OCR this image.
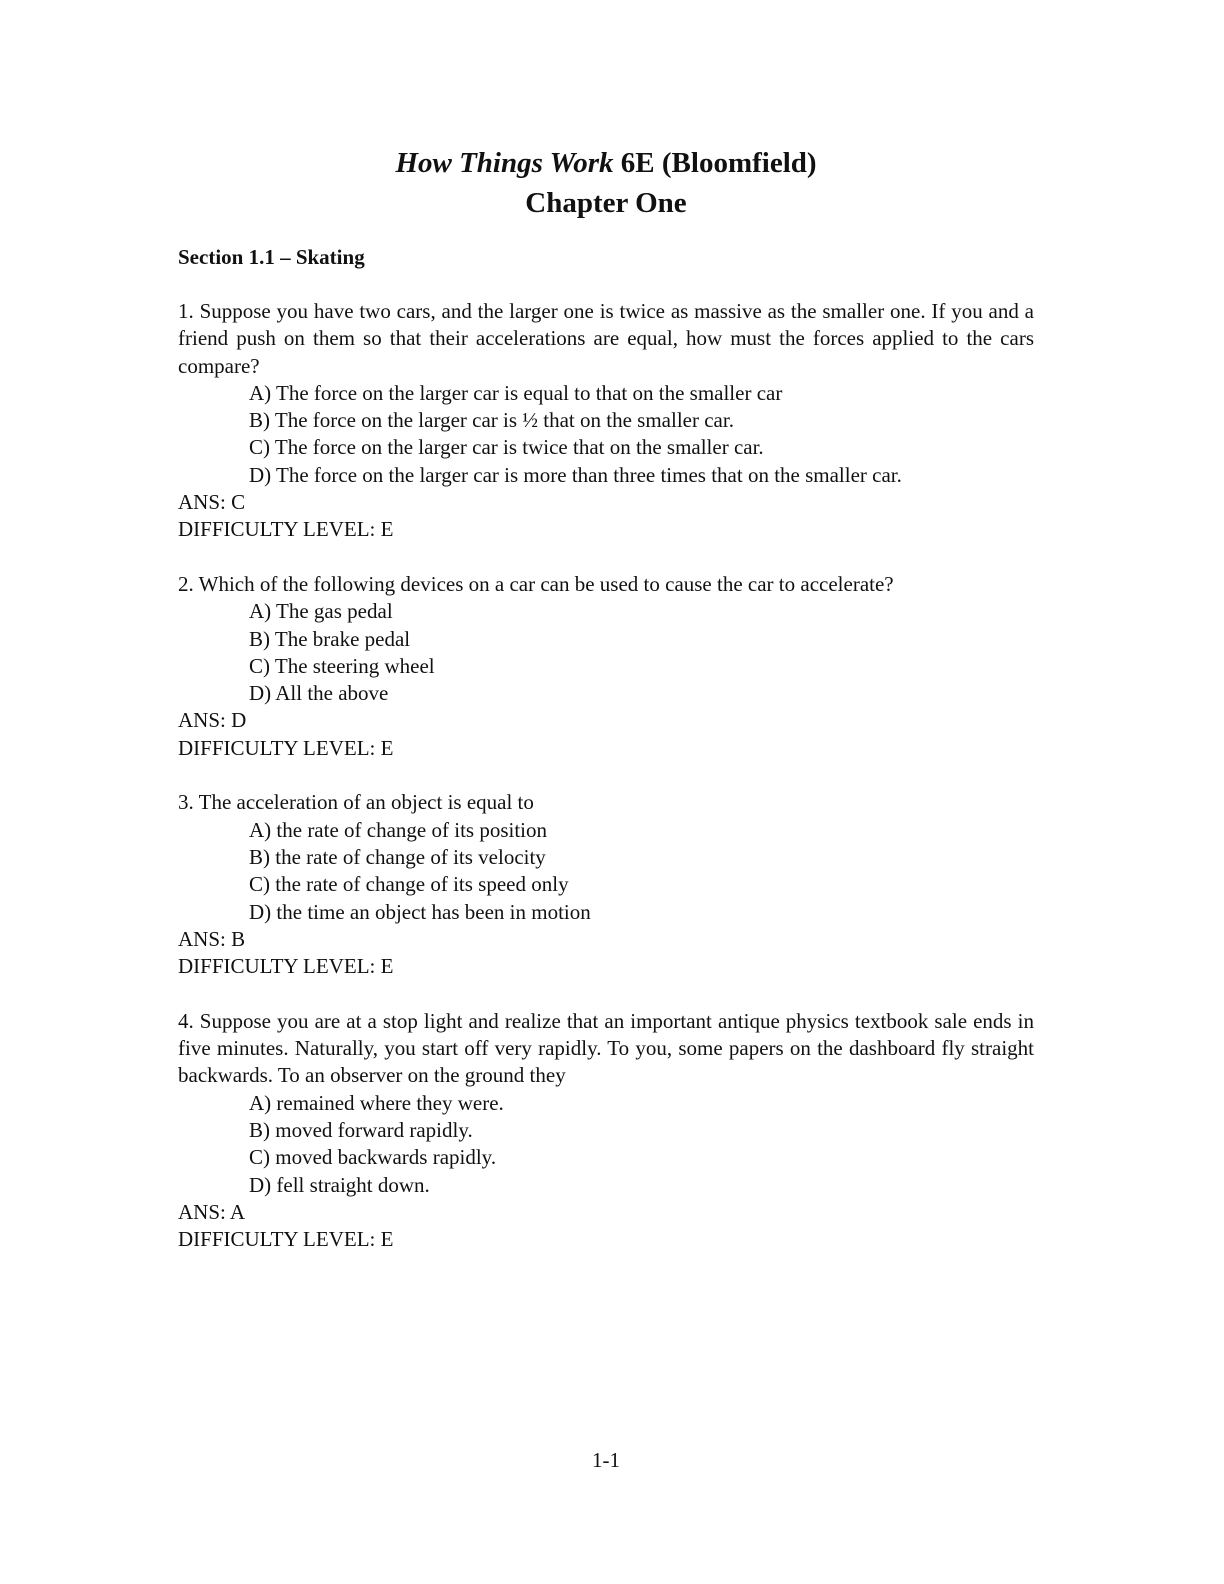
How Things Work 6E (Bloomfield)

Chapter One

Section 1.1 – Skating

1. Suppose you have two cars, and the larger one is twice as massive as the smaller one. If you and a friend push on them so that their accelerations are equal, how must the forces applied to the cars compare?

A) The force on the larger car is equal to that on the smaller car
B) The force on the larger car is ½ that on the smaller car.
C) The force on the larger car is twice that on the smaller car.
D) The force on the larger car is more than three times that on the smaller car.

ANS: C

DIFFICULTY LEVEL: E

2. Which of the following devices on a car can be used to cause the car to accelerate?

A) The gas pedal
B) The brake pedal
C) The steering wheel
D) All the above

ANS: D

DIFFICULTY LEVEL: E

3. The acceleration of an object is equal to

A) the rate of change of its position
B) the rate of change of its velocity
C) the rate of change of its speed only
D) the time an object has been in motion

ANS: B

DIFFICULTY LEVEL: E

4. Suppose you are at a stop light and realize that an important antique physics textbook sale ends in five minutes. Naturally, you start off very rapidly. To you, some papers on the dashboard fly straight backwards. To an observer on the ground they

A) remained where they were.
B) moved forward rapidly.
C) moved backwards rapidly.
D) fell straight down.

ANS: A

DIFFICULTY LEVEL: E

1-1
